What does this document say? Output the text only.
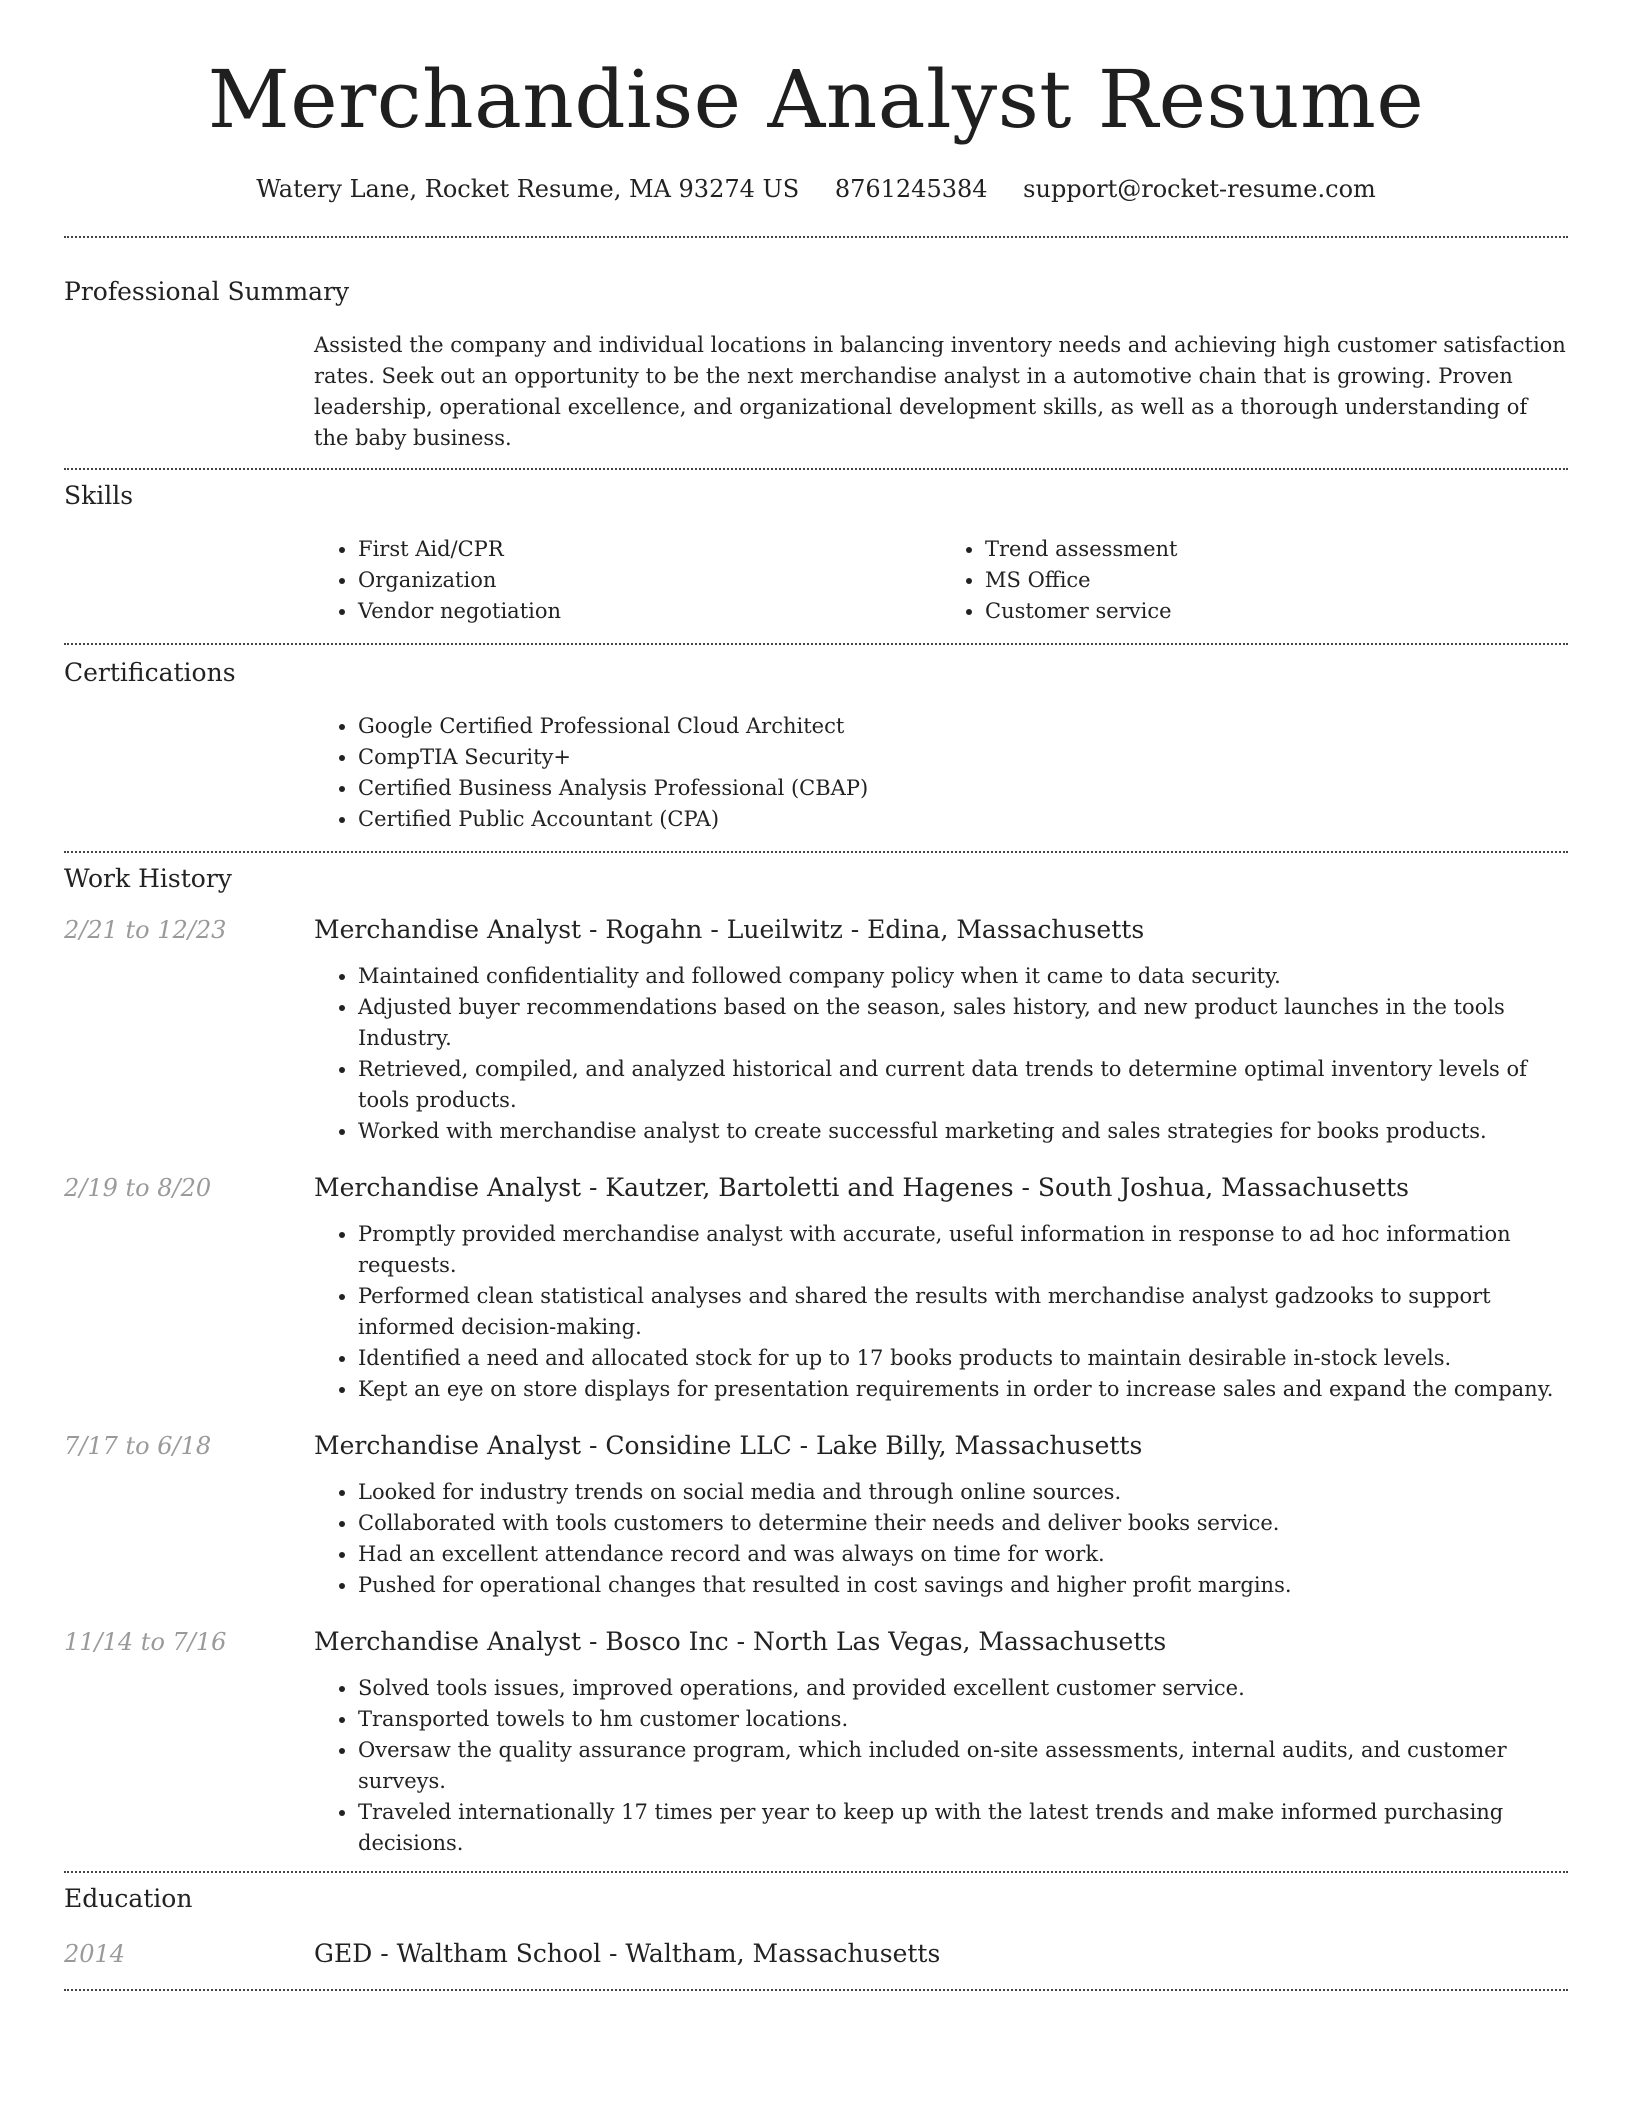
Merchandise Analyst Resume
Watery Lane, Rocket Resume, MA 93274 US 8761245384 support@rocket-resume.com
Professional Summary

Assisted the company and individual locations in balancing inventory needs and achieving high customer satisfaction rates. Seek out an opportunity to be the next merchandise analyst in a automotive chain that is growing. Proven leadership, operational excellence, and organizational development skills, as well as a thorough understanding of the baby business.

Skills
• First Aid/CPR
• Organization
• Vendor negotiation
• Trend assessment
• MS Office
• Customer service
Certifications
• Google Certified Professional Cloud Architect
• CompTIA Security+
• Certified Business Analysis Professional (CBAP)
• Certified Public Accountant (CPA)
Work History
2/21 to 12/23	Merchandise Analyst - Rogahn - Lueilwitz - Edina, Massachusetts
• Maintained confidentiality and followed company policy when it came to data security.
• Adjusted buyer recommendations based on the season, sales history, and new product launches in the tools Industry.
• Retrieved, compiled, and analyzed historical and current data trends to determine optimal inventory levels of tools products.
• Worked with merchandise analyst to create successful marketing and sales strategies for books products.
2/19 to 8/20	Merchandise Analyst - Kautzer, Bartoletti and Hagenes - South Joshua, Massachusetts
• Promptly provided merchandise analyst with accurate, useful information in response to ad hoc information requests.
• Performed clean statistical analyses and shared the results with merchandise analyst gadzooks to support informed decision-making.
• Identified a need and allocated stock for up to 17 books products to maintain desirable in-stock levels.
• Kept an eye on store displays for presentation requirements in order to increase sales and expand the company.
7/17 to 6/18	Merchandise Analyst - Considine LLC - Lake Billy, Massachusetts
• Looked for industry trends on social media and through online sources.
• Collaborated with tools customers to determine their needs and deliver books service.
• Had an excellent attendance record and was always on time for work.
• Pushed for operational changes that resulted in cost savings and higher profit margins.
11/14 to 7/16	Merchandise Analyst - Bosco Inc - North Las Vegas, Massachusetts
• Solved tools issues, improved operations, and provided excellent customer service.
• Transported towels to hm customer locations.
• Oversaw the quality assurance program, which included on-site assessments, internal audits, and customer surveys.
• Traveled internationally 17 times per year to keep up with the latest trends and make informed purchasing decisions.
Education
2014	GED - Waltham School - Waltham, Massachusetts
